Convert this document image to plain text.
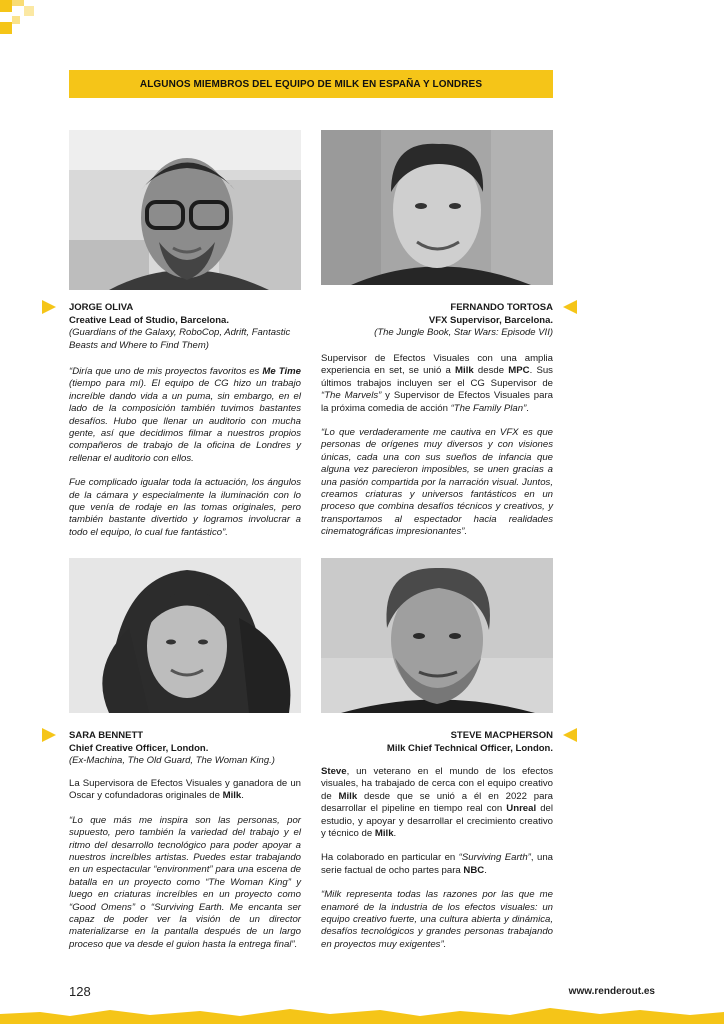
ALGUNOS MIEMBROS DEL EQUIPO DE MILK EN ESPAÑA Y LONDRES
JORGE OLIVA
Creative Lead of Studio, Barcelona.
(Guardians of the Galaxy, RoboCop, Adrift, Fantastic Beasts and Where to Find Them)
FERNANDO TORTOSA
VFX Supervisor, Barcelona.
(The Jungle Book, Star Wars: Episode VII)

“Diría que uno de mis proyectos favoritos es Me Time (tiempo para mí). El equipo de CG hizo un trabajo increíble dando vida a un puma, sin embargo, en el lado de la composición también tuvimos bastantes desafíos. Hubo que llenar un auditorio con mucha gente, así que decidimos filmar a nuestros propios compañeros de trabajo de la oficina de Londres y rellenar el auditorio con ellos.

Fue complicado igualar toda la actuación, los ángulos de la cámara y especialmente la iluminación con lo que venía de rodaje en las tomas originales, pero también bastante divertido y logramos involucrar a todo el equipo, lo cual fue fantástico”.

Supervisor de Efectos Visuales con una amplia experiencia en set, se unió a Milk desde MPC. Sus últimos trabajos incluyen ser el CG Supervisor de “The Marvels” y Supervisor de Efectos Visuales para la próxima comedia de acción “The Family Plan”.

“Lo que verdaderamente me cautiva en VFX es que personas de orígenes muy diversos y con visiones únicas, cada una con sus sueños de infancia que alguna vez parecieron imposibles, se unen gracias a una pasión compartida por la narración visual. Juntos, creamos criaturas y universos fantásticos en un proceso que combina desafíos técnicos y creativos, y transportamos al espectador hacia realidades cinematográficas impresionantes”.

SARA BENNETT
Chief Creative Officer, London.
(Ex-Machina, The Old Guard, The Woman King.)
STEVE MACPHERSON
Milk Chief Technical Officer, London.

La Supervisora de Efectos Visuales y ganadora de un Oscar y cofundadoras originales de Milk.

“Lo que más me inspira son las personas, por supuesto, pero también la variedad del trabajo y el ritmo del desarrollo tecnológico para poder apoyar a nuestros increíbles artistas. Puedes estar trabajando en un espectacular “environment” para una escena de batalla en un proyecto como “The Woman King” y luego en criaturas increíbles en un proyecto como “Good Omens” o “Surviving Earth. Me encanta ser capaz de poder ver la visión de un director materializarse en la pantalla después de un largo proceso que va desde el guion hasta la entrega final”.

Steve, un veterano en el mundo de los efectos visuales, ha trabajado de cerca con el equipo creativo de Milk desde que se unió a él en 2022 para desarrollar el pipeline en tiempo real con Unreal del estudio, y apoyar y desarrollar el crecimiento creativo y técnico de Milk.

Ha colaborado en particular en “Surviving Earth”, una serie factual de ocho partes para NBC.

“Milk representa todas las razones por las que me enamoré de la industria de los efectos visuales: un equipo creativo fuerte, una cultura abierta y dinámica, desafíos tecnológicos y grandes personas trabajando en proyectos muy exigentes”.

128	www.renderout.es
